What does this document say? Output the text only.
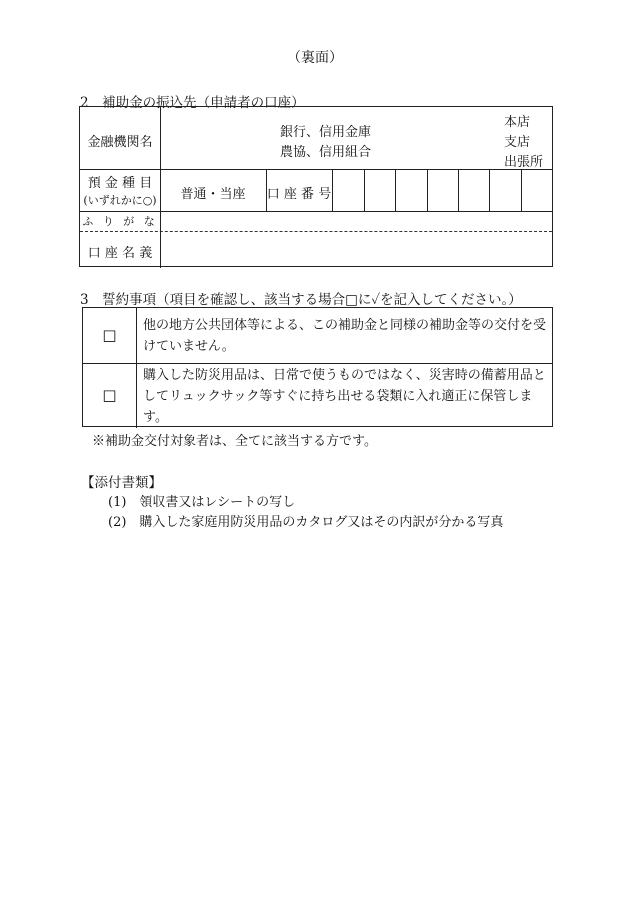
（裏面）
2　補助金の振込先（申請者の口座）
金融機関名
銀行、信用金庫
農協、信用組合
本店
支店
出張所
預 金 種 目
(いずれかに○)	普通・当座	口 座 番 号
ふ り が な
口 座 名 義
3　誓約事項（項目を確認し、該当する場合□に✓を記入してください。）
□
他の地方公共団体等による、この補助金と同様の補助金等の交付を受けていません。
□
購入した防災用品は、日常で使うものではなく、災害時の備蓄用品としてリュックサック等すぐに持ち出せる袋類に入れ適正に保管します。
※補助金交付対象者は、全てに該当する方です。
【添付書類】
(1)　領収書又はレシートの写し
(2)　購入した家庭用防災用品のカタログ又はその内訳が分かる写真
